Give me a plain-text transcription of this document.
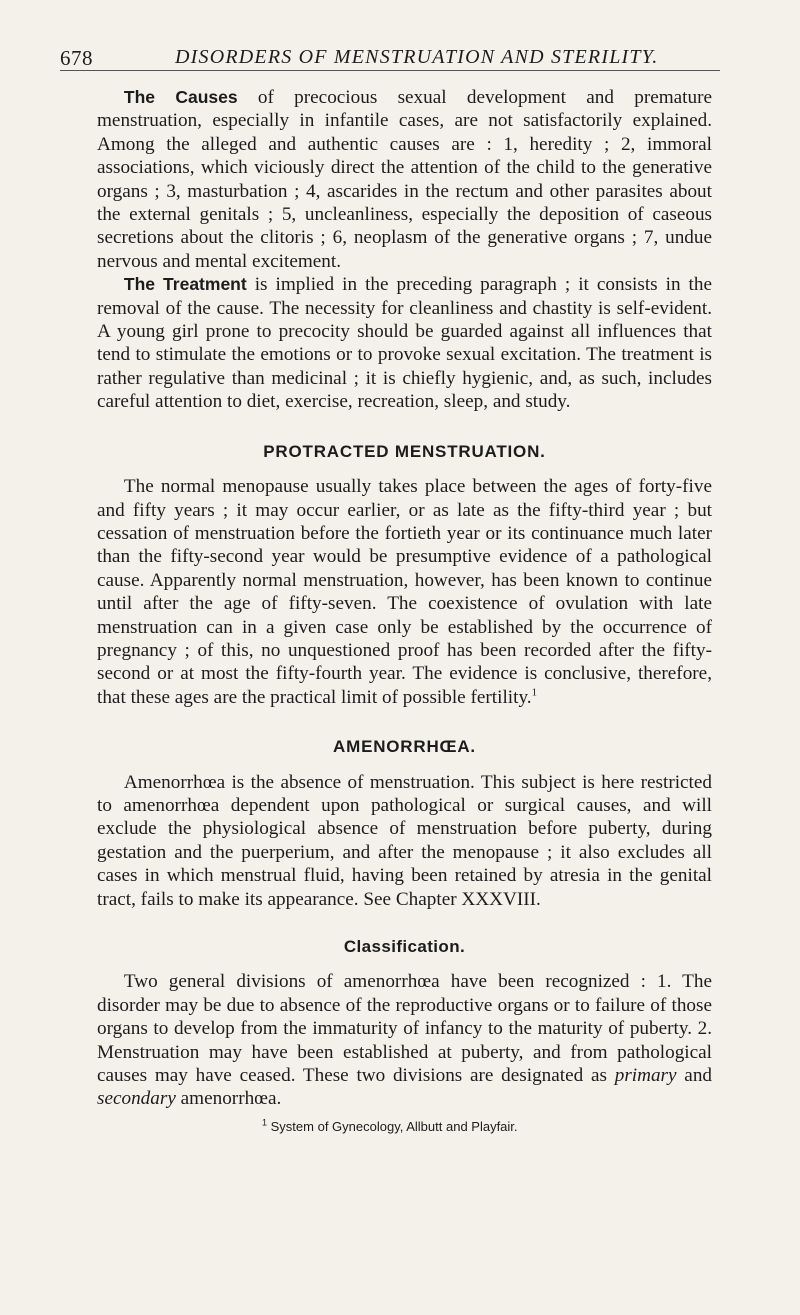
678	DISORDERS OF MENSTRUATION AND STERILITY.

The Causes of precocious sexual development and premature menstruation, especially in infantile cases, are not satisfactorily explained. Among the alleged and authentic causes are : 1, heredity ; 2, immoral associations, which viciously direct the attention of the child to the generative organs ; 3, masturbation ; 4, ascarides in the rectum and other parasites about the external genitals ; 5, uncleanliness, especially the deposition of caseous secretions about the clitoris ; 6, neoplasm of the generative organs ; 7, undue nervous and mental excitement.

The Treatment is implied in the preceding paragraph ; it consists in the removal of the cause. The necessity for cleanliness and chastity is self-evident. A young girl prone to precocity should be guarded against all influences that tend to stimulate the emotions or to provoke sexual excitation. The treatment is rather regulative than medicinal ; it is chiefly hygienic, and, as such, includes careful attention to diet, exercise, recreation, sleep, and study.

PROTRACTED MENSTRUATION.

The normal menopause usually takes place between the ages of forty-five and fifty years ; it may occur earlier, or as late as the fifty-third year ; but cessation of menstruation before the fortieth year or its continuance much later than the fifty-second year would be presumptive evidence of a pathological cause. Apparently normal menstruation, however, has been known to continue until after the age of fifty-seven. The coexistence of ovulation with late menstruation can in a given case only be established by the occurrence of pregnancy ; of this, no unquestioned proof has been recorded after the fifty-second or at most the fifty-fourth year. The evidence is conclusive, therefore, that these ages are the practical limit of possible fertility.$^1$

AMENORRHŒA.

Amenorrhœa is the absence of menstruation. This subject is here restricted to amenorrhœa dependent upon pathological or surgical causes, and will exclude the physiological absence of menstruation before puberty, during gestation and the puerperium, and after the menopause ; it also excludes all cases in which menstrual fluid, having been retained by atresia in the genital tract, fails to make its appearance. See Chapter XXXVIII.

Classification.

Two general divisions of amenorrhœa have been recognized : 1. The disorder may be due to absence of the reproductive organs or to failure of those organs to develop from the immaturity of infancy to the maturity of puberty. 2. Menstruation may have been established at puberty, and from pathological causes may have ceased. These two divisions are designated as primary and secondary amenorrhœa.

$^1$ System of Gynecology, Allbutt and Playfair.
